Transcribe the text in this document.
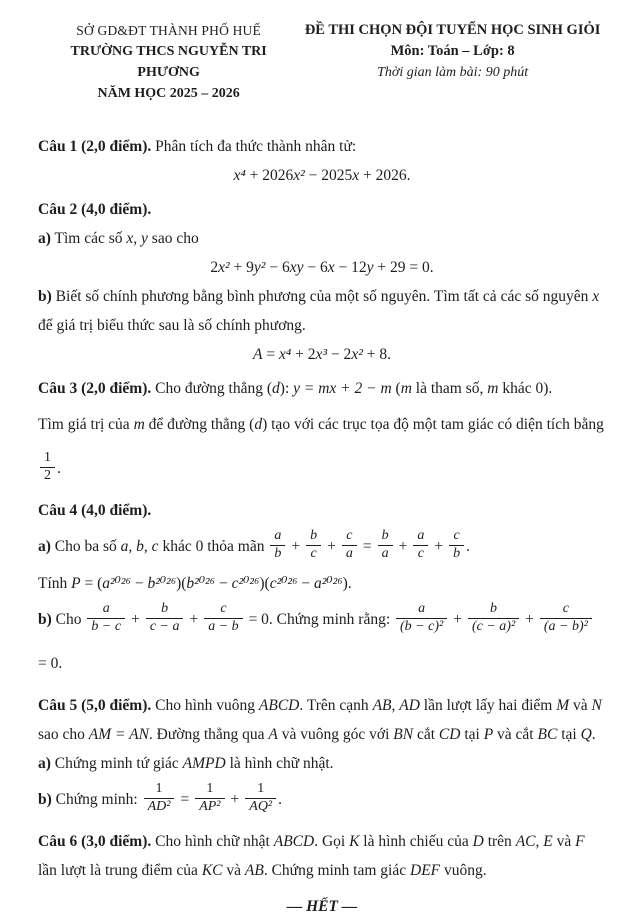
SỞ GD&ĐT THÀNH PHỐ HUẾ
TRƯỜNG THCS NGUYỄN TRI PHƯƠNG
NĂM HỌC 2025 – 2026
ĐỀ THI CHỌN ĐỘI TUYỂN HỌC SINH GIỎI
Môn: Toán – Lớp: 8
Thời gian làm bài: 90 phút

Câu 1 (2,0 điểm). Phân tích đa thức thành nhân tử:

x⁴ + 2026x² − 2025x + 2026.

Câu 2 (4,0 điểm).

a) Tìm các số x, y sao cho

2x² + 9y² − 6xy − 6x − 12y + 29 = 0.

b) Biết số chính phương bằng bình phương của một số nguyên. Tìm tất cả các số nguyên x để giá trị biểu thức sau là số chính phương.

A = x⁴ + 2x³ − 2x² + 8.

Câu 3 (2,0 điểm). Cho đường thẳng (d): y = mx + 2 − m (m là tham số, m khác 0).

Tìm giá trị của m để đường thẳng (d) tạo với các trục tọa độ một tam giác có diện tích bằng
$\frac{1}{2}$ .

Câu 4 (4,0 điểm).

a) Cho ba số a, b, c khác 0 thỏa mãn $\frac{a}{b} + \frac{b}{c} + \frac{c}{a} = \frac{b}{a} + \frac{a}{c} + \frac{c}{b}$ .

Tính P = (a²⁰²⁶ − b²⁰²⁶)(b²⁰²⁶ − c²⁰²⁶)(c²⁰²⁶ − a²⁰²⁶).

b) Cho $\frac{a}{b - c} + \frac{b}{c - a} + \frac{c}{a - b} = 0$. Chứng minh rằng: $\frac{a}{\text{(b − c)²}} + \frac{b}{\text{(c − a)²}} + \frac{c}{\text{(a − b)²}}$
= 0.

Câu 5 (5,0 điểm). Cho hình vuông ABCD. Trên cạnh AB, AD lần lượt lấy hai điểm M và N sao cho AM = AN. Đường thẳng qua A và vuông góc với BN cắt CD tại P và cắt BC tại Q.

a) Chứng minh tứ giác AMPD là hình chữ nhật.

b) Chứng minh: $\frac{1}{\text{AD²}} = \frac{1}{\text{AP²}} + \frac{1}{\text{AQ²}}$ .

Câu 6 (3,0 điểm). Cho hình chữ nhật ABCD. Gọi K là hình chiếu của D trên AC, E và F lần lượt là trung điểm của KC và AB. Chứng minh tam giác DEF vuông.

— HẾT —
